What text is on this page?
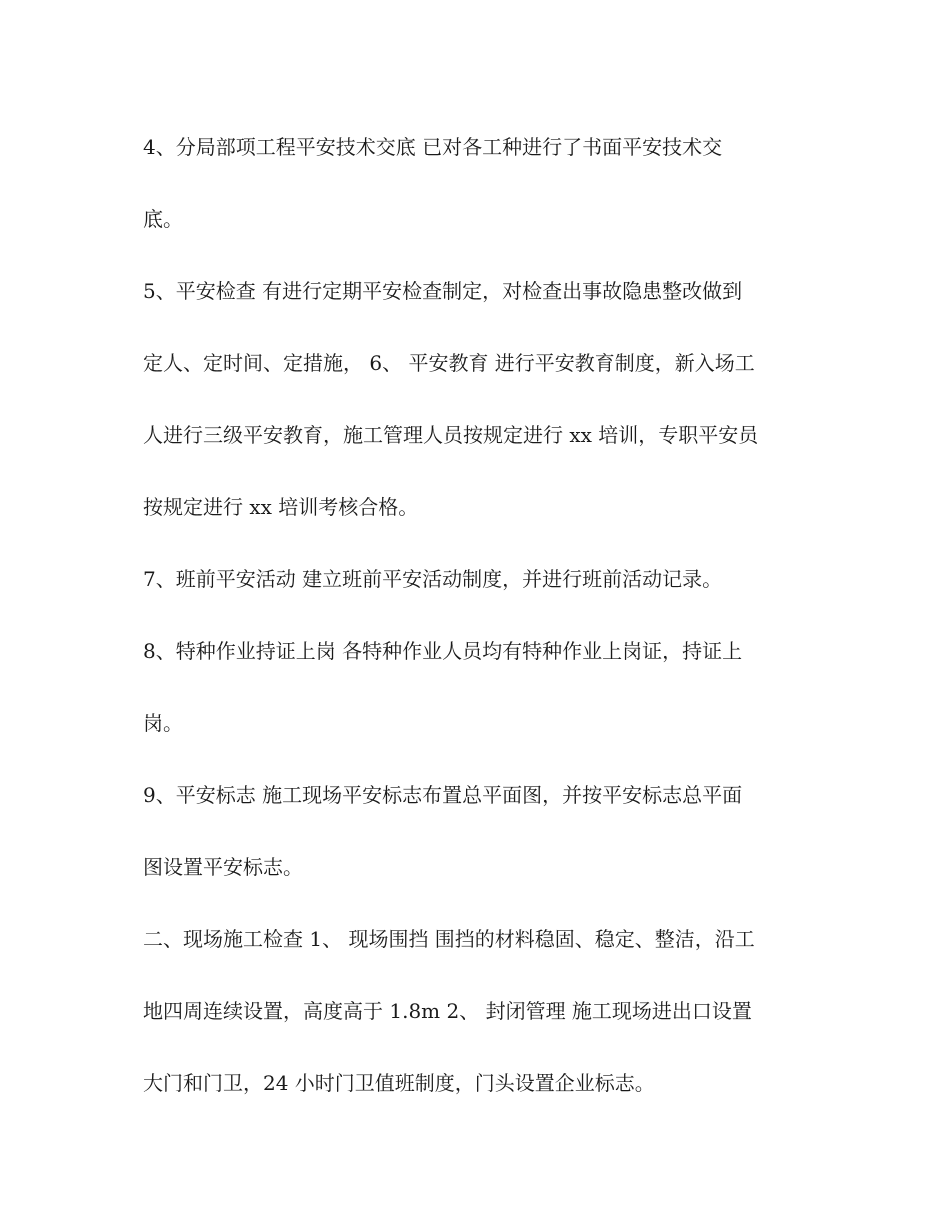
4、分局部项工程平安技术交底 已对各工种进行了书面平安技术交
底。
5、平安检查 有进行定期平安检查制定，对检查出事故隐患整改做到
定人、定时间、定措施， 6、 平安教育 进行平安教育制度，新入场工
人进行三级平安教育，施工管理人员按规定进行 xx 培训，专职平安员
按规定进行 xx 培训考核合格。
7、班前平安活动 建立班前平安活动制度，并进行班前活动记录。
8、特种作业持证上岗 各特种作业人员均有特种作业上岗证，持证上
岗。
9、平安标志 施工现场平安标志布置总平面图，并按平安标志总平面
图设置平安标志。
二、现场施工检查 1、 现场围挡 围挡的材料稳固、稳定、整洁，沿工
地四周连续设置，高度高于 1.8m 2、 封闭管理 施工现场进出口设置
大门和门卫，24 小时门卫值班制度，门头设置企业标志。
